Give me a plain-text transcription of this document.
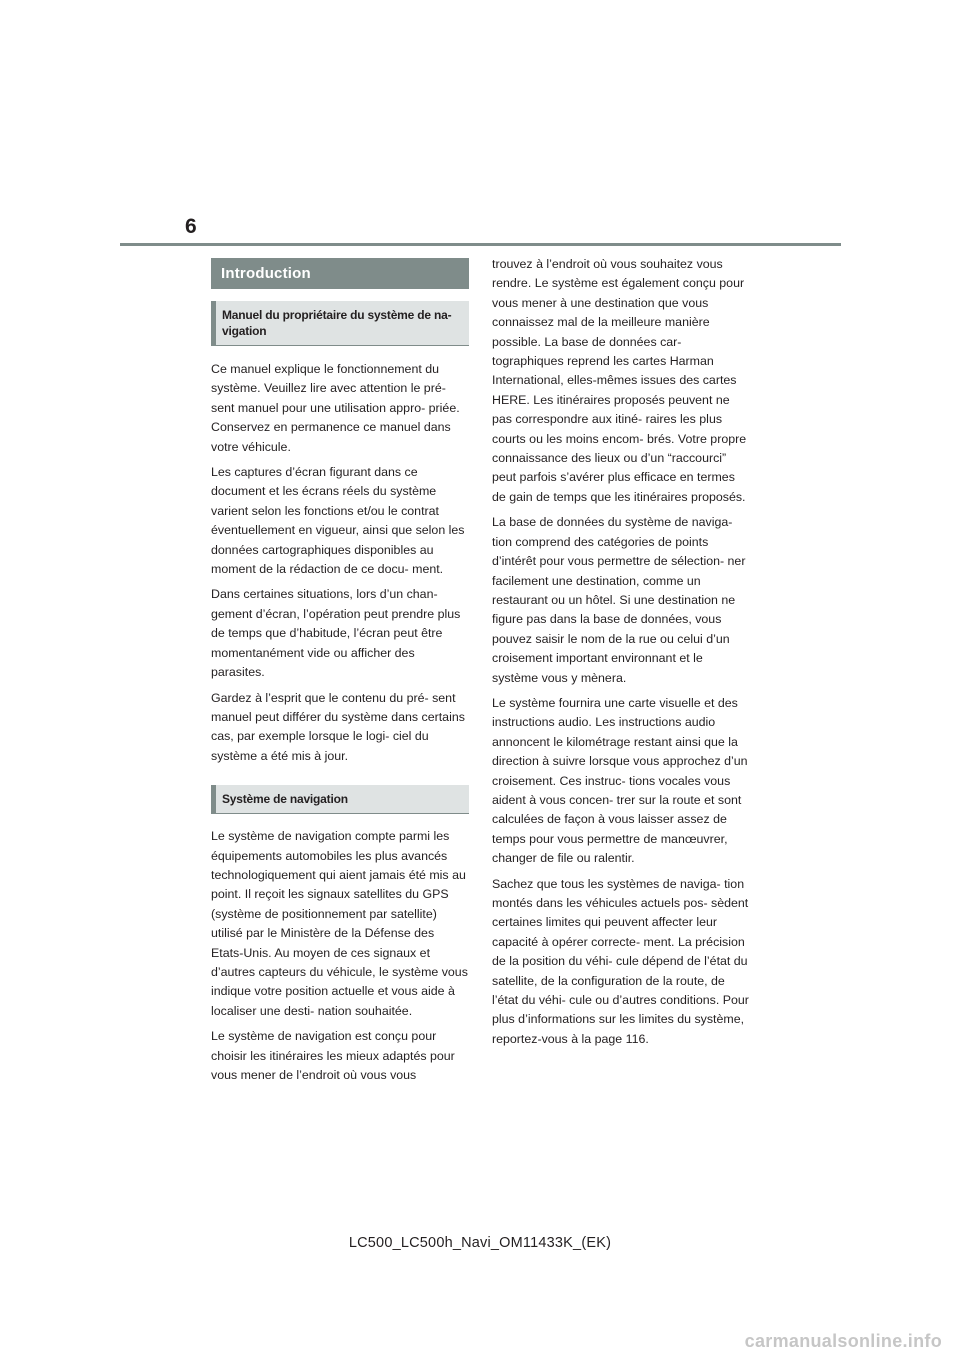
6
Introduction
Manuel du propriétaire du système de na- vigation

Ce manuel explique le fonctionnement du système. Veuillez lire avec attention le pré- sent manuel pour une utilisation appro- priée. Conservez en permanence ce manuel dans votre véhicule.

Les captures d’écran figurant dans ce document et les écrans réels du système varient selon les fonctions et/ou le contrat éventuellement en vigueur, ainsi que selon les données cartographiques disponibles au moment de la rédaction de ce docu- ment.

Dans certaines situations, lors d’un chan- gement d’écran, l’opération peut prendre plus de temps que d’habitude, l’écran peut être momentanément vide ou afficher des parasites.

Gardez à l’esprit que le contenu du pré- sent manuel peut différer du système dans certains cas, par exemple lorsque le logi- ciel du système a été mis à jour.

Système de navigation

Le système de navigation compte parmi les équipements automobiles les plus avancés technologiquement qui aient jamais été mis au point. Il reçoit les signaux satellites du GPS (système de positionnement par satellite) utilisé par le Ministère de la Défense des Etats-Unis. Au moyen de ces signaux et d’autres capteurs du véhicule, le système vous indique votre position actuelle et vous aide à localiser une desti- nation souhaitée.

Le système de navigation est conçu pour choisir les itinéraires les mieux adaptés pour vous mener de l’endroit où vous vous

trouvez à l’endroit où vous souhaitez vous rendre. Le système est également conçu pour vous mener à une destination que vous connaissez mal de la meilleure manière possible. La base de données car- tographiques reprend les cartes Harman International, elles-mêmes issues des cartes HERE. Les itinéraires proposés peuvent ne pas correspondre aux itiné- raires les plus courts ou les moins encom- brés. Votre propre connaissance des lieux ou d’un “raccourci” peut parfois s’avérer plus efficace en termes de gain de temps que les itinéraires proposés.

La base de données du système de naviga- tion comprend des catégories de points d’intérêt pour vous permettre de sélection- ner facilement une destination, comme un restaurant ou un hôtel. Si une destination ne figure pas dans la base de données, vous pouvez saisir le nom de la rue ou celui d’un croisement important environnant et le système vous y mènera.

Le système fournira une carte visuelle et des instructions audio. Les instructions audio annoncent le kilométrage restant ainsi que la direction à suivre lorsque vous approchez d’un croisement. Ces instruc- tions vocales vous aident à vous concen- trer sur la route et sont calculées de façon à vous laisser assez de temps pour vous permettre de manœuvrer, changer de file ou ralentir.

Sachez que tous les systèmes de naviga- tion montés dans les véhicules actuels pos- sèdent certaines limites qui peuvent affecter leur capacité à opérer correcte- ment. La précision de la position du véhi- cule dépend de l’état du satellite, de la configuration de la route, de l’état du véhi- cule ou d’autres conditions. Pour plus d’informations sur les limites du système, reportez-vous à la page 116.

LC500_LC500h_Navi_OM11433K_(EK)
carmanualsonline.info
